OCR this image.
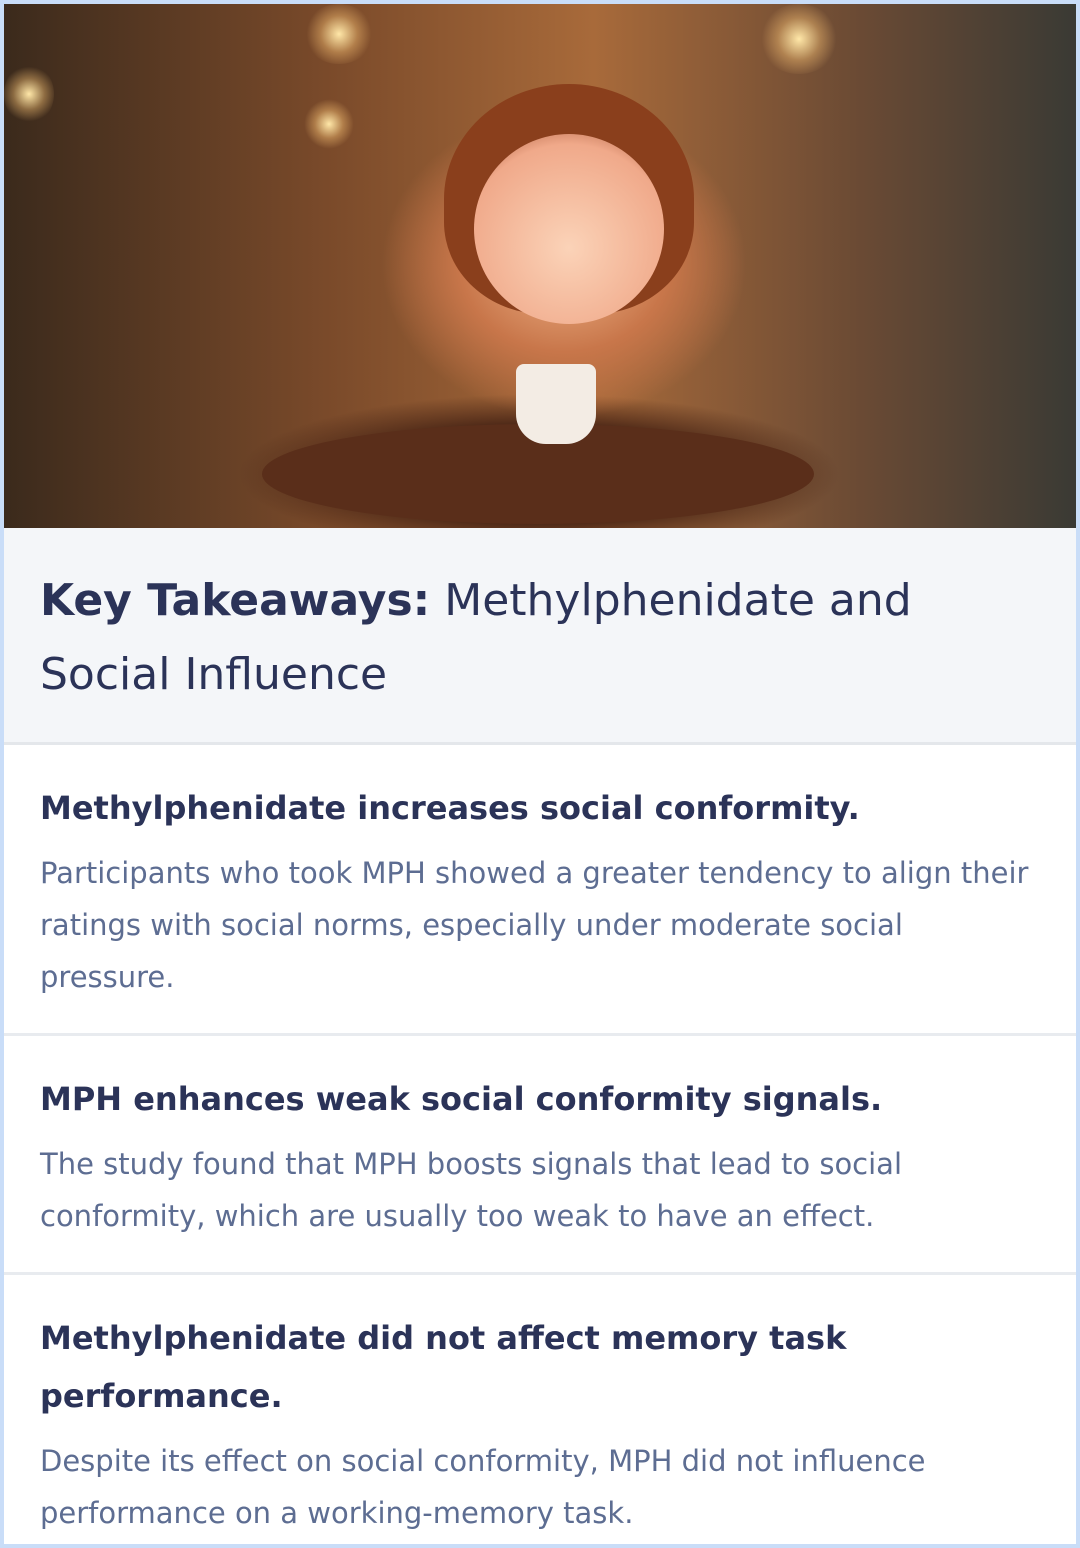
Key Takeaways: Methylphenidate and Social Influence
Methylphenidate increases social conformity.

Participants who took MPH showed a greater tendency to align their ratings with social norms, especially under moderate social pressure.

MPH enhances weak social conformity signals.

The study found that MPH boosts signals that lead to social conformity, which are usually too weak to have an effect.

Methylphenidate did not affect memory task performance.

Despite its effect on social conformity, MPH did not influence performance on a working-memory task.
